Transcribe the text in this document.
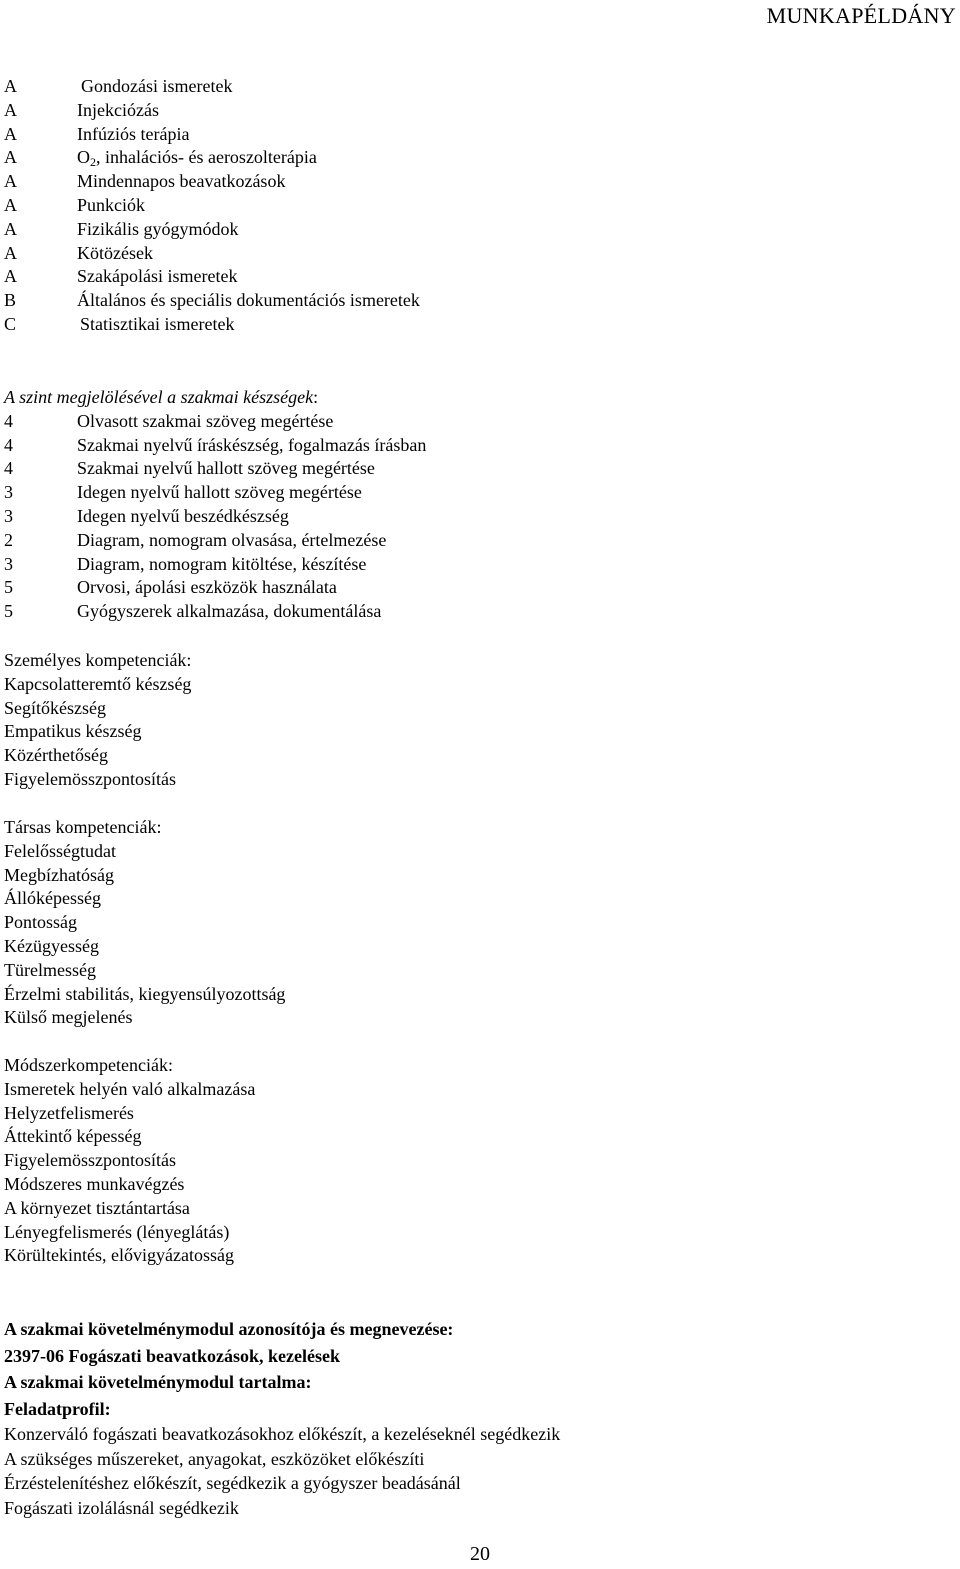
MUNKAPÉLDÁNY
A	Gondozási ismeretek
A	Injekciózás
A	Infúziós terápia
A	$O_2$, inhalációs- és aeroszolterápia
A	Mindennapos beavatkozások
A	Punkciók
A	Fizikális gyógymódok
A	Kötözések
A	Szakápolási ismeretek
B	Általános és speciális dokumentációs ismeretek
C	Statisztikai ismeretek
A szint megjelölésével a szakmai készségek:
4	Olvasott szakmai szöveg megértése
4	Szakmai nyelvű íráskészség, fogalmazás írásban
4	Szakmai nyelvű hallott szöveg megértése
3	Idegen nyelvű hallott szöveg megértése
3	Idegen nyelvű beszédkészség
2	Diagram, nomogram olvasása, értelmezése
3	Diagram, nomogram kitöltése, készítése
5	Orvosi, ápolási eszközök használata
5	Gyógyszerek alkalmazása, dokumentálása
Személyes kompetenciák:
Kapcsolatteremtő készség
Segítőkészség
Empatikus készség
Közérthetőség
Figyelemösszpontosítás
Társas kompetenciák:
Felelősségtudat
Megbízhatóság
Állóképesség
Pontosság
Kézügyesség
Türelmesség
Érzelmi stabilitás, kiegyensúlyozottság
Külső megjelenés
Módszerkompetenciák:
Ismeretek helyén való alkalmazása
Helyzetfelismerés
Áttekintő képesség
Figyelemösszpontosítás
Módszeres munkavégzés
A környezet tisztántartása
Lényegfelismerés (lényeglátás)
Körültekintés, elővigyázatosság
A szakmai követelménymodul azonosítója és megnevezése:
2397-06 Fogászati beavatkozások, kezelések
A szakmai követelménymodul tartalma:
Feladatprofil:
Konzerváló fogászati beavatkozásokhoz előkészít, a kezeléseknél segédkezik
A szükséges műszereket, anyagokat, eszközöket előkészíti
Érzéstelenítéshez előkészít, segédkezik a gyógyszer beadásánál
Fogászati izolálásnál segédkezik
20
